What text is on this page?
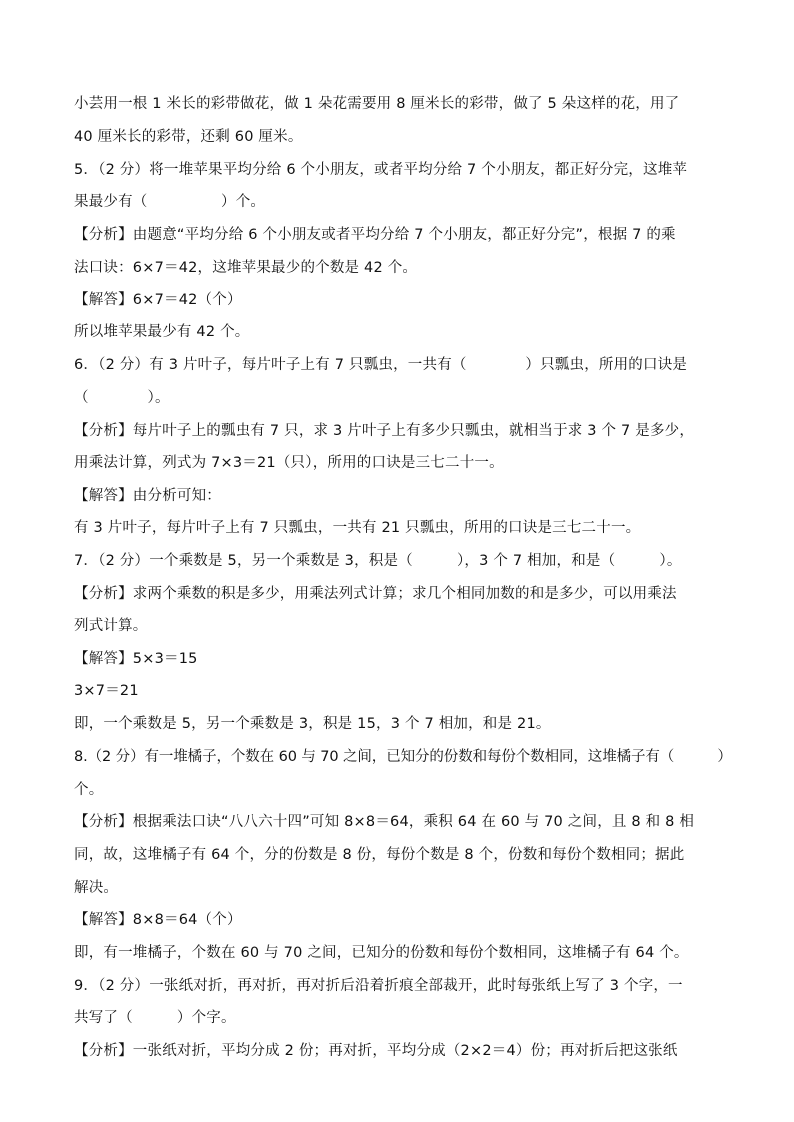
小芸用一根 1 米长的彩带做花，做 1 朵花需要用 8 厘米长的彩带，做了 5 朵这样的花，用了
40 厘米长的彩带，还剩 60 厘米。
5．（2 分）将一堆苹果平均分给 6 个小朋友，或者平均分给 7 个小朋友，都正好分完，这堆苹
果最少有（　　　　　）个。
【分析】由题意“平均分给 6 个小朋友或者平均分给 7 个小朋友，都正好分完”，根据 7 的乘
法口诀：6×7＝42，这堆苹果最少的个数是 42 个。
【解答】6×7＝42（个）
所以堆苹果最少有 42 个。
6．（2 分）有 3 片叶子，每片叶子上有 7 只瓢虫，一共有（　　　　）只瓢虫，所用的口诀是
（　　　　）。
【分析】每片叶子上的瓢虫有 7 只，求 3 片叶子上有多少只瓢虫，就相当于求 3 个 7 是多少，
用乘法计算，列式为 7×3＝21（只），所用的口诀是三七二十一。
【解答】由分析可知：
有 3 片叶子，每片叶子上有 7 只瓢虫，一共有 21 只瓢虫，所用的口诀是三七二十一。
7．（2 分）一个乘数是 5，另一个乘数是 3，积是（　　　），3 个 7 相加，和是（　　　）。
【分析】求两个乘数的积是多少，用乘法列式计算；求几个相同加数的和是多少，可以用乘法
列式计算。
【解答】5×3＝15
3×7＝21
即，一个乘数是 5，另一个乘数是 3，积是 15，3 个 7 相加，和是 21。
8.（2 分）有一堆橘子，个数在 60 与 70 之间，已知分的份数和每份个数相同，这堆橘子有（　　　）
个。
【分析】根据乘法口诀“八八六十四”可知 8×8＝64，乘积 64 在 60 与 70 之间，且 8 和 8 相
同，故，这堆橘子有 64 个，分的份数是 8 份，每份个数是 8 个，份数和每份个数相同；据此
解决。
【解答】8×8＝64（个）
即，有一堆橘子，个数在 60 与 70 之间，已知分的份数和每份个数相同，这堆橘子有 64 个。
9．（2 分）一张纸对折，再对折，再对折后沿着折痕全部裁开，此时每张纸上写了 3 个字，一
共写了（　　　）个字。
【分析】一张纸对折，平均分成 2 份；再对折，平均分成（2×2＝4）份；再对折后把这张纸
